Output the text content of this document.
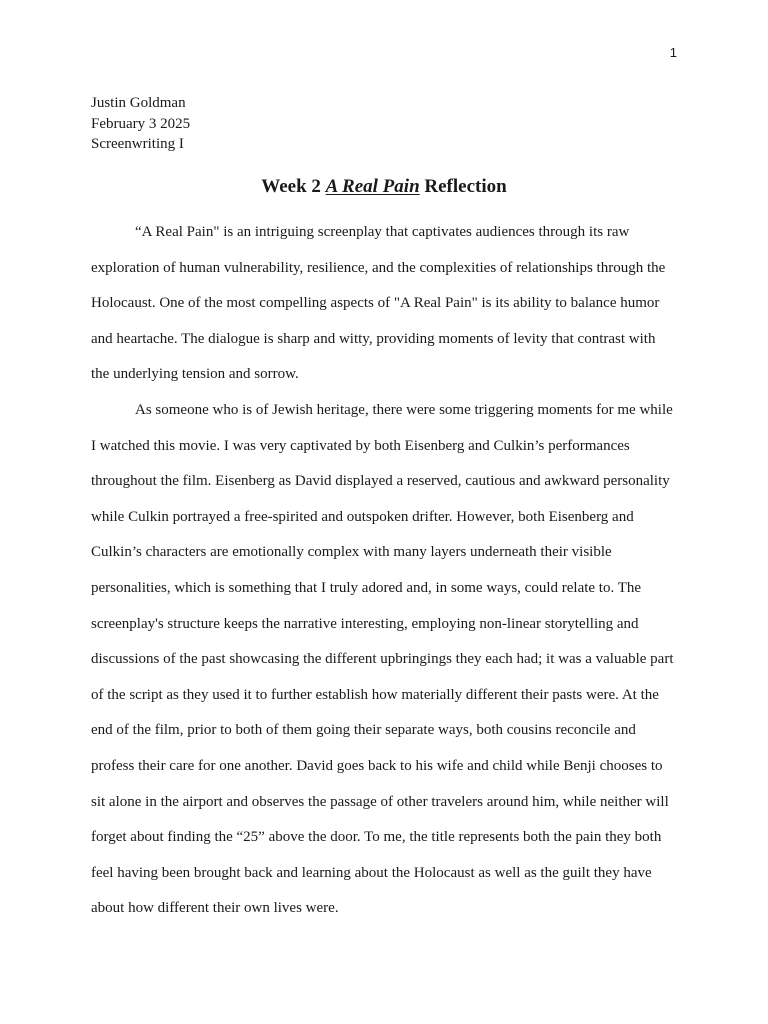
1
Justin Goldman
February 3 2025
Screenwriting I
Week 2 A Real Pain Reflection
“A Real Pain" is an intriguing screenplay that captivates audiences through its raw
exploration of human vulnerability, resilience, and the complexities of relationships through the
Holocaust. One of the most compelling aspects of "A Real Pain" is its ability to balance humor
and heartache. The dialogue is sharp and witty, providing moments of levity that contrast with
the underlying tension and sorrow.
As someone who is of Jewish heritage, there were some triggering moments for me while
I watched this movie. I was very captivated by both Eisenberg and Culkin’s performances
throughout the film. Eisenberg as David displayed a reserved, cautious and awkward personality
while Culkin portrayed a free-spirited and outspoken drifter. However, both Eisenberg and
Culkin’s characters are emotionally complex with many layers underneath their visible
personalities, which is something that I truly adored and, in some ways, could relate to. The
screenplay's structure keeps the narrative interesting, employing non-linear storytelling and
discussions of the past showcasing the different upbringings they each had; it was a valuable part
of the script as they used it to further establish how materially different their pasts were. At the
end of the film, prior to both of them going their separate ways, both cousins reconcile and
profess their care for one another. David goes back to his wife and child while Benji chooses to
sit alone in the airport and observes the passage of other travelers around him, while neither will
forget about finding the “25” above the door. To me, the title represents both the pain they both
feel having been brought back and learning about the Holocaust as well as the guilt they have
about how different their own lives were.
